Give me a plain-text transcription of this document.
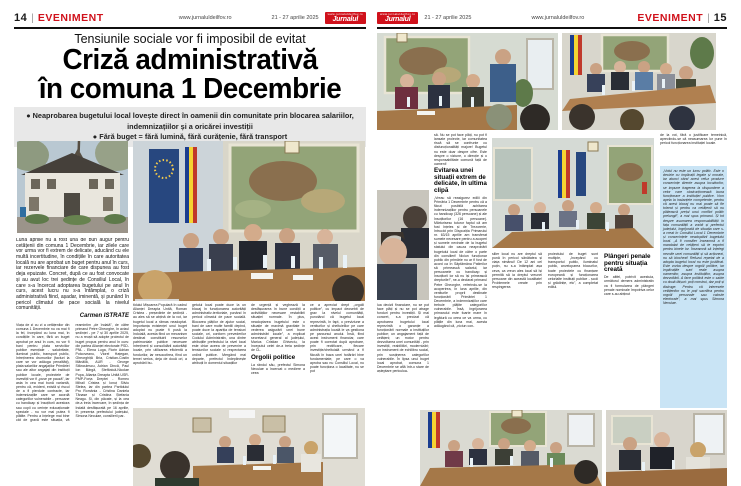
14 | EVENIMENT	www.jurnaluldeilfov.ro	21 - 27 aprilie 2025
www.jurnaluldeilfov.ro
Jurnalul
www.jurnaluldeilfov.ro
Jurnalul	21 - 27 aprilie 2025	www.jurnaluldeilfov.ro	EVENIMENT | 15
Tensiunile sociale vor fi imposibil de evitat
Criză administrativă
în comuna 1 Decembrie
● Neaprobarea bugetului local lovește direct în oamenii din comunitate prin blocarea salariilor, indemnizațiilor și a oricărei investiții
● Fără buget = fără lumină, fără curățenie, fără transport
Luna aprilie nu a fost una de bun augur pentru cetățenii din comuna 1 Decembrie, iar zilele care vor urma vor fi extrem de delicate, aducând cu ele multă incertitudine, în condițiile în care autoritatea locală nu are aprobat un buget pentru anul în curs, iar rezervele financiare de care dispunea au fost deja epuizate. Concret, după ce au fost convocate și au avut loc trei ședințe de Consiliul Local, în care s-a încercat adoptarea bugetului pe anul în curs, acest lucru nu s-a întâmplat, o criză administrativă fiind, așadar, iminentă, și punând în pericol climatul de pace socială la nivelul comunității.
Carmen ISTRATE
Viața de zi cu zi a cetățenilor din comuna 1 Decembrie nu va mai fi la fel, începând cu luna mai, în condițiile în care, fără un buget aprobat pe anul în curs, nu vor fi bani pentru plata serviciilor publice esențiale - salubritate, iluminat public, transport public, întreținerea drumurilor (facturi la care se vor adăuga penalități), plata salariilor angajaților Primăriei sau ale altor angajați din instituții publice locale, proiectele de investiții vor fi „puse pe pauză”, iar asta în cea mai bună variantă, pentru că, evident, există și riscul de a fi pierdute contracte, iar indemnizațiile care se acordă categoriilor vulnerabile - persoane cu handicap și însoțitorii acestora sau copii cu cerințe educaționale speciale - nu vor mai putea fi plătite. Pentru a înțelege mai bine cât de gravă este situația, vă reamintim „de îndată”, de către primarul Petre Gheorghe, în avizul ședinței - pe 7 și 30 aprilie 2025, nu a reușit să adopte proiectul de buget propus pentru anul în curs: din partea Alianței electorale PSD-PNL - Elena Luga, Florin Adrian Potcoveanu, Viorel Hațegan, Gheorghiță Bria, Cristian-Costin Mănăilă, AUR - George Stănculescu, Adrian Dincă, Paul Ion Bârgă, Ștefănică-Nicolae Popa, Alianța Dreapta Unită USR-PMP-Forța Dreptei - Romeo Mihail Cristea și Ionuț Silviu Stelea, iar din partea Partidului Pro România - Cristina Daniela Tănase și Cristina Ștefania Neagu. Și, din păcate, și la cea de-a treia încercare, în ședința de îndată desfășurată pe 16 aprilie, în prezența prefectului județului, Simona Neculae, consilierii par-
tidului Mișcarea Populară în cadrul Alianței Dreapta Unită, Roman Cristea - președinte de ședință - au ales să se abțină de la vot, iar bugetul local a rămas neadoptat. Importanța existenței unui buget adoptat nu poate fi pusă la îndoială, acesta fiind un mecanism destinat constituirii resurselor patrimoniale publice necesare întreținerii și consolidării autorității locale, prin utilizarea eficientă a fondurilor, iar nesocotirea, fiind un temei serios, deja de două ori, a aprobării bu-
getului local poate duce la un blocaj în funcționarea autorității administrativ-teritoriale, punând în pericol climatul de pace socială. Blocarea plăților de ajutor social, bani de care multe familii depind, poate duce la apariția de tensiuni sociale, ori, conform prevederilor Codului Administrativ, una dintre atribuțiile prefectului la nivel local este chiar aceea de prevenire a tensiunilor sociale și respectarea ordinii publice. Mergând mai departe, prefectul îndeplinește atribuții în domeniul situațiilor
de urgență și veghează la desfășurarea în bune condiții a activităților necesare restabilirii situației normale. În plus, neadoptarea bugetului este o situație de maximă gravitate în vederea asigurării unei bune administrări locale”, a explicat secretarul general al județului, Marius Cristian Ghiveciu, la începutul celei de-a treia ședințe de CL.
Orgolii politice
La rândul său, prefectul Simona Neculae a încercat o mediere a ceea
ce a apreciat drept „orgolii politice”, cu impact deosebit de grav la nivelul comunității, punctând că bugetul local reprezintă, în fapt, o previziune a veniturilor și cheltuielilor pe care administrația locală le va gestiona pe parcursul anului. Însă, fiind acest instrument financiar, care poate fi corectat după aprobare, prin rectificare, fiecare investiție/cheltuială urmând a fi făcută în baza unei hotărâri bine fundamentate, pe care o va aproba sau nu Consiliul Local, nu poate funcționa o localitate, nu se pot
lua decizii financiare, nu se pot face plăți și nu se pot atrage fonduri pentru investiții. Și mai concret, s-a precizat că aprobarea bugetului local reprezintă o garanție a funcționării normale a instituțiilor publice; un angajament față de cetățeni; un motor pentru dezvoltarea unei comunități - prin investiții, reabilitări, modernizări; un instrument de echilibru social, prin susținerea categoriilor vulnerabile. În lipsa unui buget local aprobat, comuna 1 Decembrie se află într-o stare de așteptare periculoa-
să. Nu se pot face plăți, nu pot fi lansate proiecte, iar comunitatea riscă să se confrunte cu disfuncționalități majore! Bugetul nu este doar despre cifre. Este despre o viziune, o direcție și o responsabilitate comună față de oameni!
Evitarea unei situații extrem de delicate, în ultima clipă
„Vreau să reasigurez edilii din Primăria 1 Decembrie pentru că a făcut posibilă achitarea indemnizațiilor pentru persoanele cu handicap (326 persoane) și ale însoțitorilor (16 persoane). Mărturisesc tuturor faptul că am fost înțeles și de Trezorerie, întrucât prin Dispoziția Primarului nr. 63/15 aprilie am transferat sumele necesare pentru a acoperi și sumele nevirate de la bugetul statului din cauza neaprobării bugetului local de către o parte din consilieri! Niciun funcționar public din primărie nu ar fi fost de acord ca în Săptămâna Patimilor să primească salariul, iar persoanele cu handicap și însoțitorii lor să nu își primească drepturile!”, ne-a declarat primarul Petre Gheorghe, referindu-se la acoperirea, în luna aprilie, din veniturile proprii destinate funcționării Primăriei 1 Decembrie, a indemnizațiilor care trebuie plătite categoriilor vulnerabile. Însă, îngrijorarea primarului este foarte mare în legătură cu ceea ce va urma, cu plățile din luna mai, acesta adăugând că, „niciun con-
silier local nu are dreptul să pună în pericol sănătatea și viața nimănui! De 12 ani cel puțin, nu s-a întâmplat așa ceva, ca vreun ales local să își permită să ia dreptul vreunei persoane din această localitate! Problemele create prin respingerea
proiectului de buget sunt multiple, „începând cu transportul public, iluminatul public, anveloparea blocurilor, toate proiectele cu finanțare europeană și funcționarea celorlalte instituții publice - școli și grădinițe, etc”, a completat edilul.
Plângeri penale pentru situația creată
De altfel, potrivit acestuia, următorul demers administrativ va fi formularea de plângeri penale nominale împotriva celor care s-au abținut
de la vot, fără o justificare temeinică, apreciindu-se că neasumarea lor pune în pericol funcționarea instituției locale.
„Votul nu este un lucru politic. Este o decizie cu implicații legale și morale, iar atunci când acest refuz produce consecințe directe asupra locuitorilor, se impune tragerea la răspundere a celor care obstrucționează buna funcționare a instituției publice. Vom apela la instanțele competente, pentru că acest blocaj nu mai poate să fie tolerat și pentru ca cetățenii să nu plătească prețul unui conflict politic prelungit”, a mai spus primarul. Și tot despre asumarea responsabilității în fața comunității a vorbit și prefectul județului, îngrijorată de situația care s-a creat în Consiliul Local 1 Decembrie și consecințele neadoptării bugetului local. „A fi consilier înseamnă a fi mandatat de cetățeni să te exprimi pentru binele lor. Înseamnă să înțelegi nevoile unei comunități și să acționezi, nu să blochezi! Refuzul repetat de a adopta bugetul local nu este justificat. Este vorba despre orgolii politice, iar implicațiile sunt reale asupra oamenilor, asupra instituțiilor, asupra dezvoltării. A face politică este o sabie cu două tăișuri: poți construi, dar poți și distruge. Pentru că interesele cetățenilor nu le poți sacrifica pentru orgolii personale sau calcule electorale”, a mai spus Simona Neculae.
